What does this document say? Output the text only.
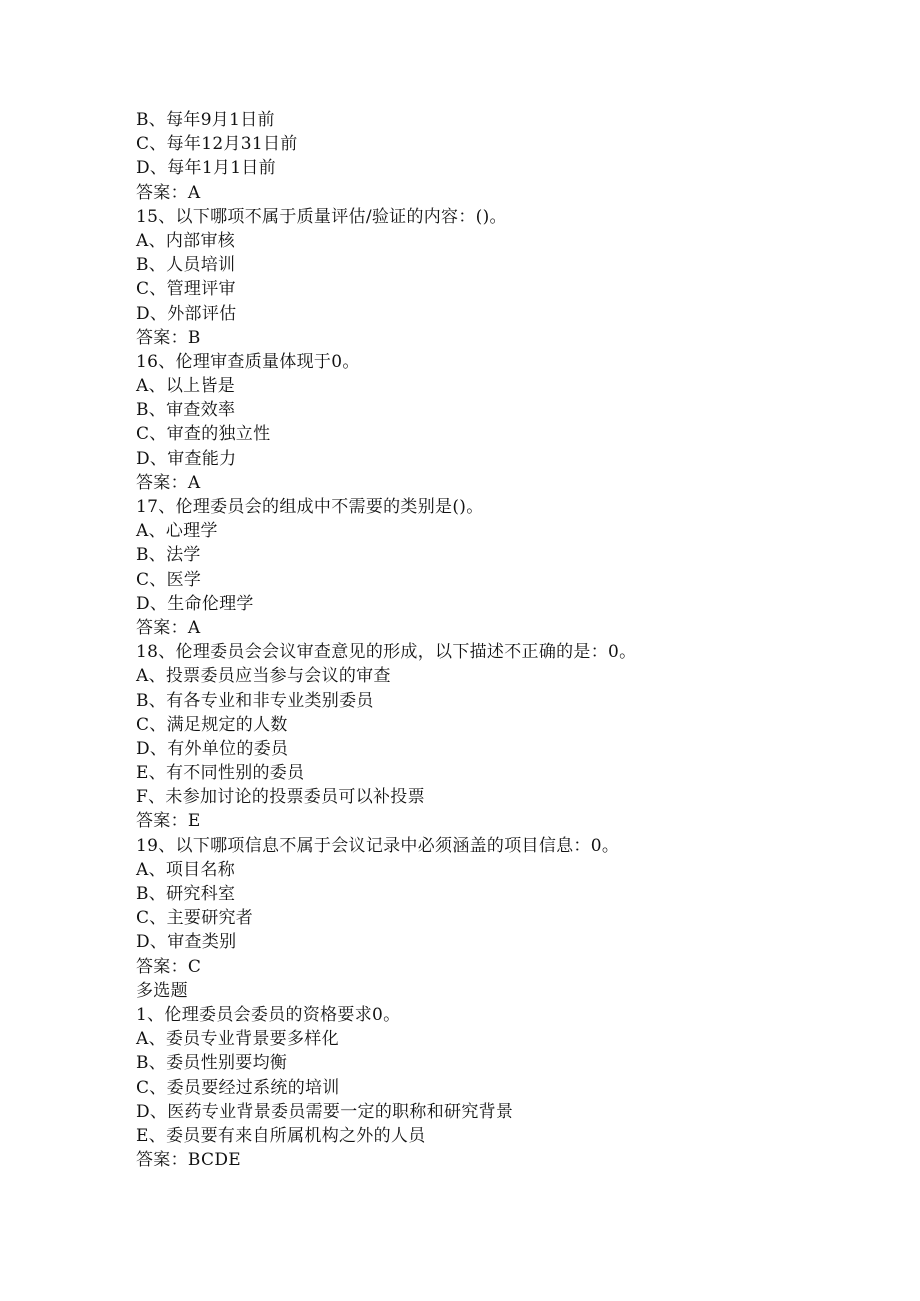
B、每年9月1日前
C、每年12月31日前
D、每年1月1日前
答案：A
15、以下哪项不属于质量评估/验证的内容：()。
A、内部审核
B、人员培训
C、管理评审
D、外部评估
答案：B
16、伦理审查质量体现于0。
A、以上皆是
B、审查效率
C、审查的独立性
D、审查能力
答案：A
17、伦理委员会的组成中不需要的类别是()。
A、心理学
B、法学
C、医学
D、生命伦理学
答案：A
18、伦理委员会会议审查意见的形成，以下描述不正确的是：0。
A、投票委员应当参与会议的审查
B、有各专业和非专业类别委员
C、满足规定的人数
D、有外单位的委员
E、有不同性别的委员
F、未参加讨论的投票委员可以补投票
答案：E
19、以下哪项信息不属于会议记录中必须涵盖的项目信息：0。
A、项目名称
B、研究科室
C、主要研究者
D、审查类别
答案：C
多选题
1、伦理委员会委员的资格要求0。
A、委员专业背景要多样化
B、委员性别要均衡
C、委员要经过系统的培训
D、医药专业背景委员需要一定的职称和研究背景
E、委员要有来自所属机构之外的人员
答案：BCDE
